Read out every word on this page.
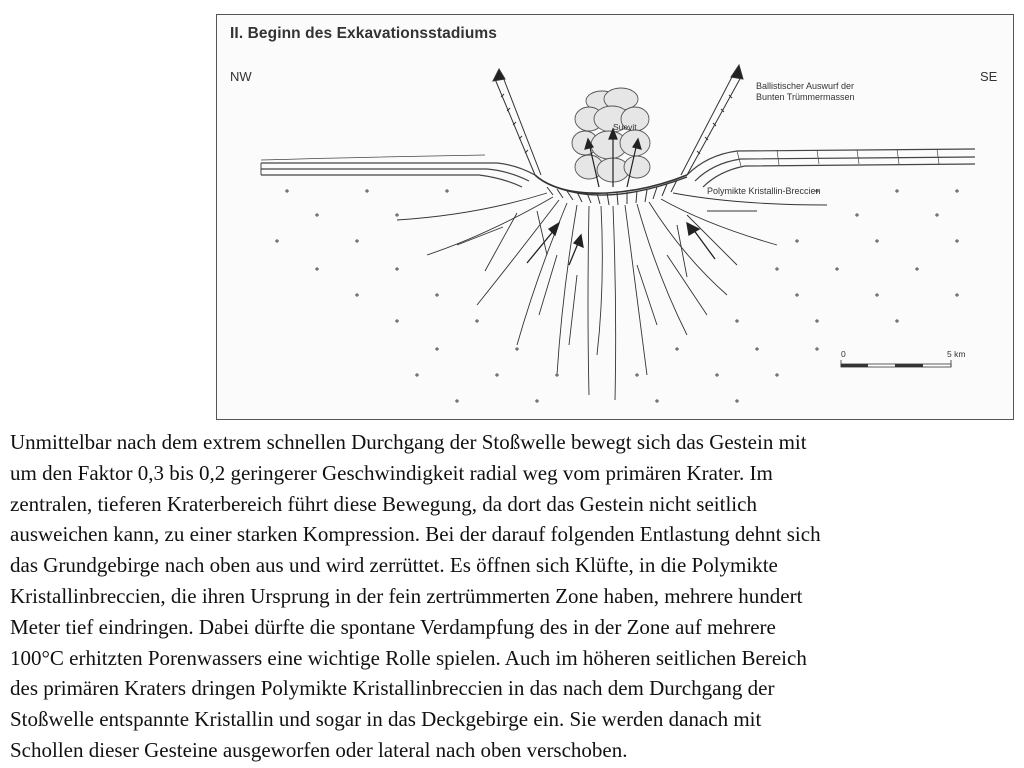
II. Beginn des Exkavationsstadiums
NW	SE
Ballistischer Auswurf der
Bunten Trümmermassen
Suevit
Polymikte Kristallin-Breccien
0	5 km

Unmittelbar nach dem extrem schnellen Durchgang der Stoßwelle bewegt sich das Gestein mit
um den Faktor 0,3 bis 0,2 geringerer Geschwindigkeit radial weg vom primären Krater. Im
zentralen, tieferen Kraterbereich führt diese Bewegung, da dort das Gestein nicht seitlich
ausweichen kann, zu einer starken Kompression. Bei der darauf folgenden Entlastung dehnt sich
das Grundgebirge nach oben aus und wird zerrüttet. Es öffnen sich Klüfte, in die Polymikte
Kristallinbreccien, die ihren Ursprung in der fein zertrümmerten Zone haben, mehrere hundert
Meter tief eindringen. Dabei dürfte die spontane Verdampfung des in der Zone auf mehrere
100°C erhitzten Porenwassers eine wichtige Rolle spielen. Auch im höheren seitlichen Bereich
des primären Kraters dringen Polymikte Kristallinbreccien in das nach dem Durchgang der
Stoßwelle entspannte Kristallin und sogar in das Deckgebirge ein. Sie werden danach mit
Schollen dieser Gesteine ausgeworfen oder lateral nach oben verschoben.
